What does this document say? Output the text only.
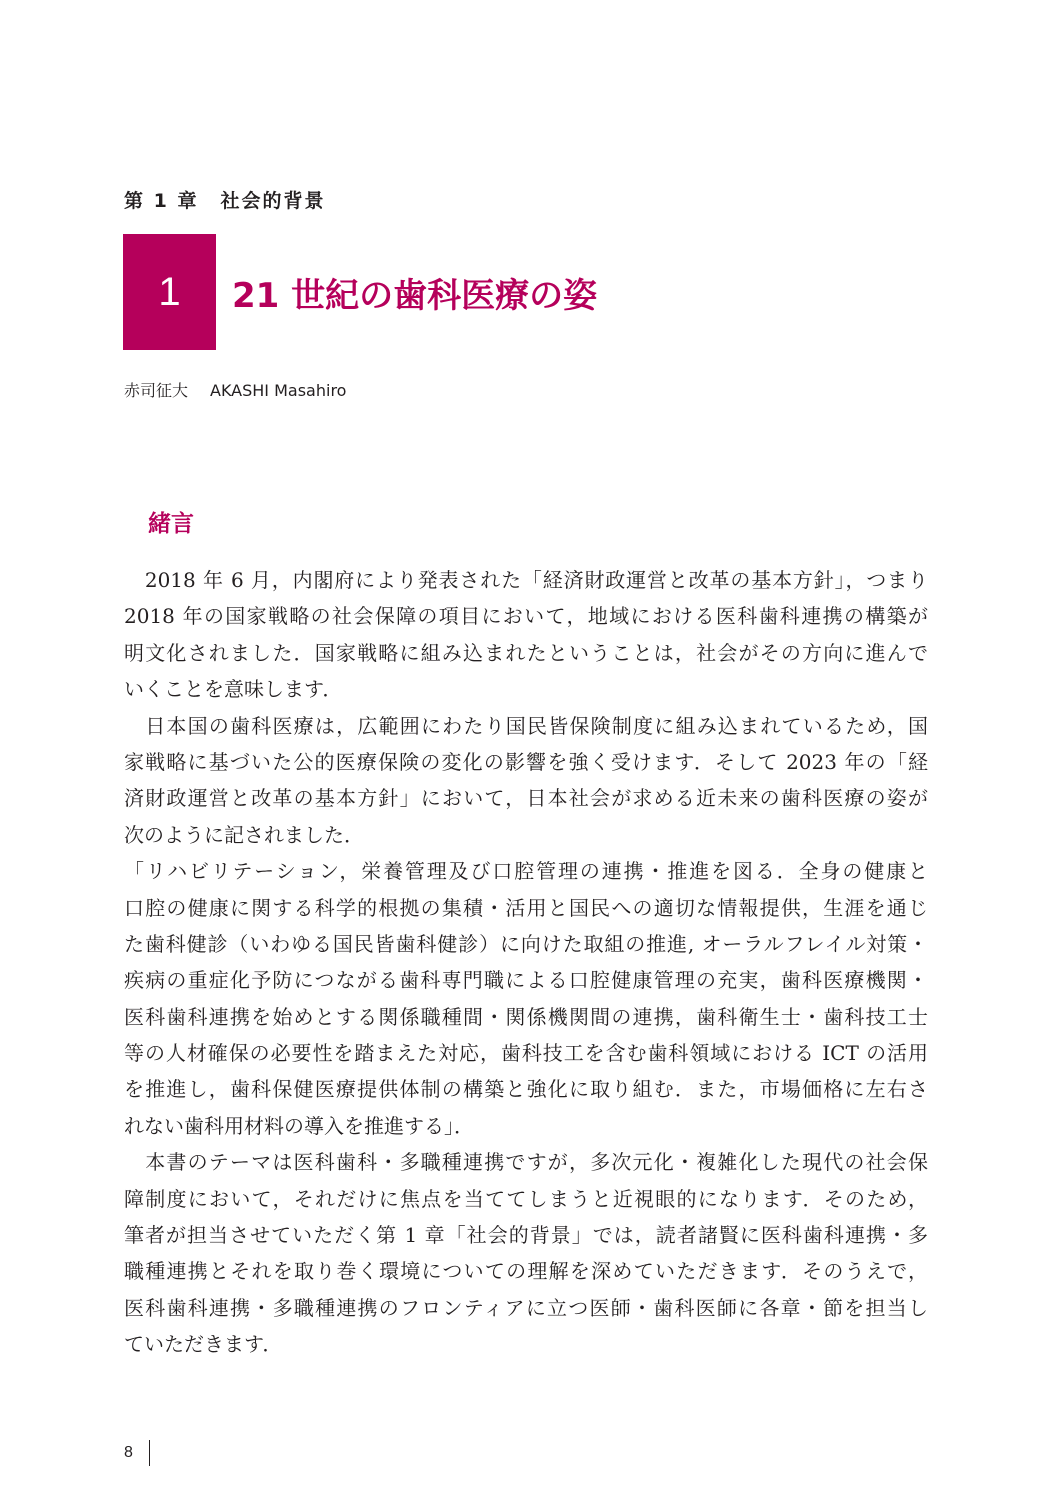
第 1 章 社会的背景
1 21 世紀の歯科医療の姿
赤司征大 AKASHI Masahiro
緒言
　2018 年 6 月，内閣府により発表された「経済財政運営と改革の基本方針」，つまり
2018 年の国家戦略の社会保障の項目において，地域における医科歯科連携の構築が
明文化されました．国家戦略に組み込まれたということは，社会がその方向に進んで
いくことを意味します．
　日本国の歯科医療は，広範囲にわたり国民皆保険制度に組み込まれているため，国
家戦略に基づいた公的医療保険の変化の影響を強く受けます．そして 2023 年の「経
済財政運営と改革の基本方針」において，日本社会が求める近未来の歯科医療の姿が
次のように記されました．
「リハビリテーション，栄養管理及び口腔管理の連携・推進を図る．全身の健康と
口腔の健康に関する科学的根拠の集積・活用と国民への適切な情報提供，生涯を通じ
た歯科健診（いわゆる国民皆歯科健診）に向けた取組の推進, オーラルフレイル対策・
疾病の重症化予防につながる歯科専門職による口腔健康管理の充実，歯科医療機関・
医科歯科連携を始めとする関係職種間・関係機関間の連携，歯科衛生士・歯科技工士
等の人材確保の必要性を踏まえた対応，歯科技工を含む歯科領域における ICT の活用
を推進し，歯科保健医療提供体制の構築と強化に取り組む．また，市場価格に左右さ
れない歯科用材料の導入を推進する」．
　本書のテーマは医科歯科・多職種連携ですが，多次元化・複雑化した現代の社会保
障制度において，それだけに焦点を当ててしまうと近視眼的になります．そのため，
筆者が担当させていただく第 1 章「社会的背景」では，読者諸賢に医科歯科連携・多
職種連携とそれを取り巻く環境についての理解を深めていただきます．そのうえで，
医科歯科連携・多職種連携のフロンティアに立つ医師・歯科医師に各章・節を担当し
ていただきます．
8
